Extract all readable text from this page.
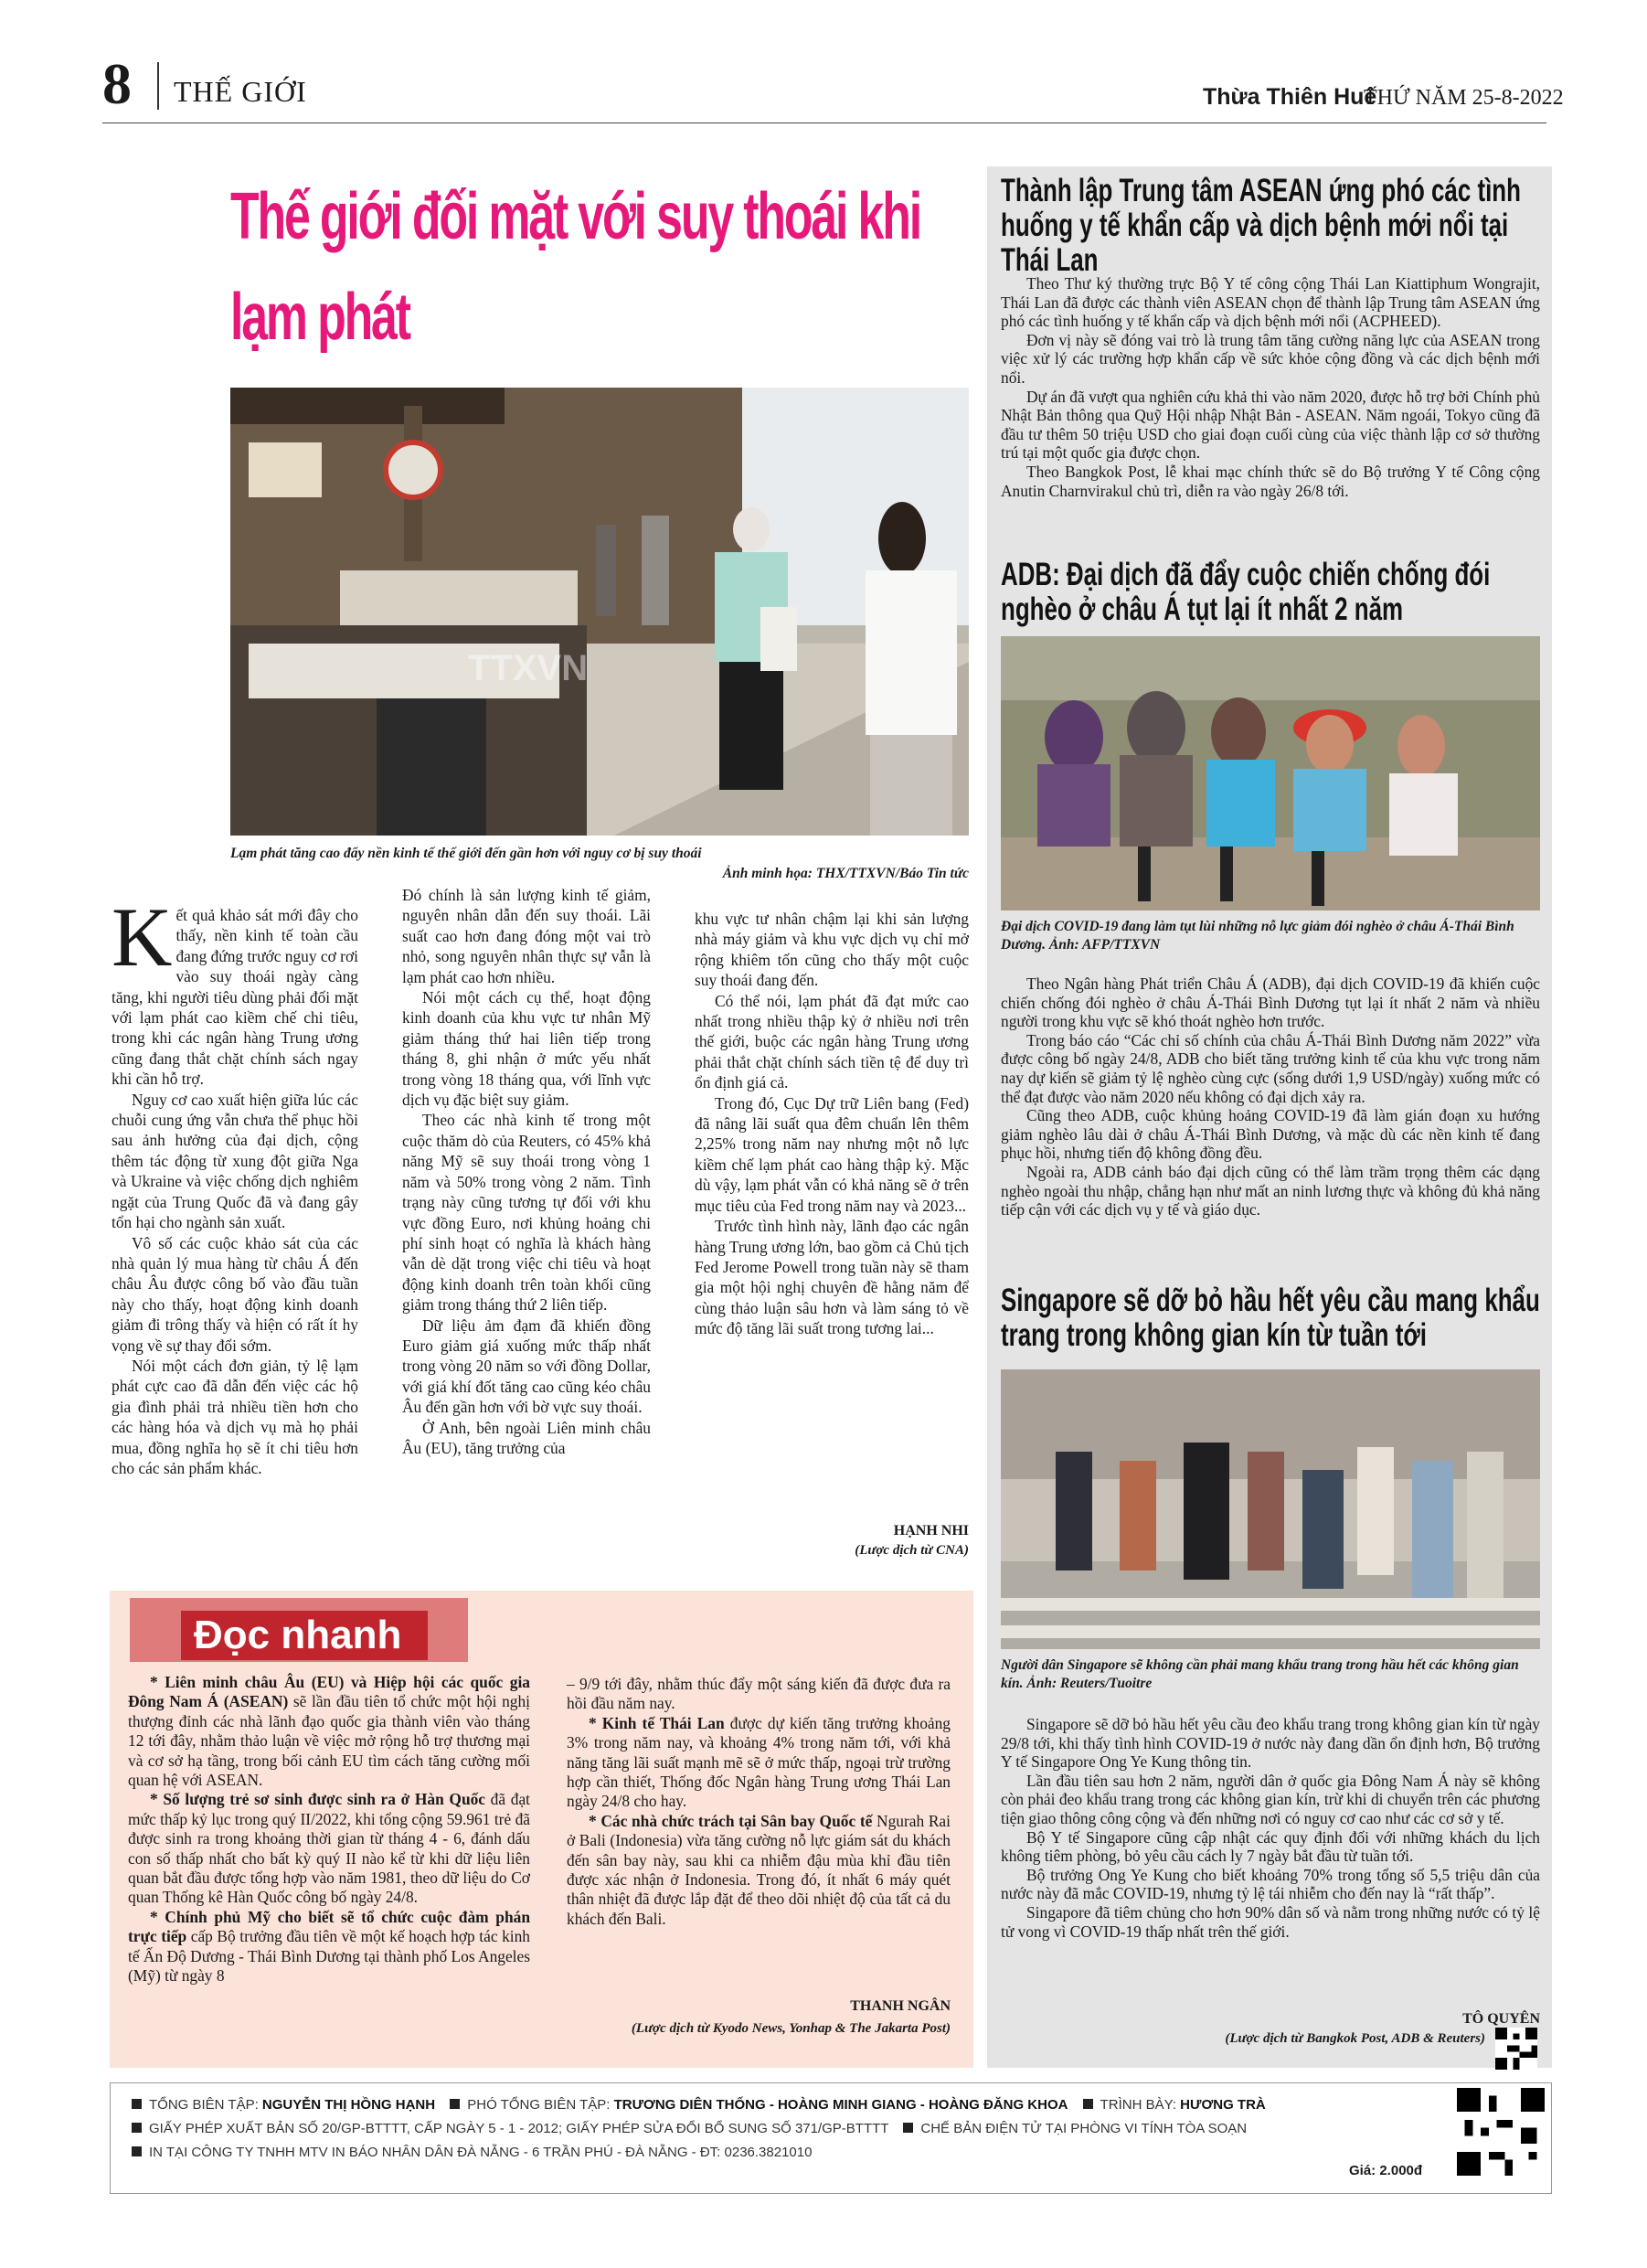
8 THẾ GIỚI	Thừa Thiên Huế
THỨ NĂM 25-8-2022
Thế giới đối mặt với suy thoái khi lạm phát
TTXVN
Lạm phát tăng cao đẩy nền kinh tế thế giới đến gần hơn với nguy cơ bị suy thoái
Ảnh minh họa: THX/TTXVN/Báo Tin tức

Kết quả khảo sát mới đây cho thấy, nền kinh tế toàn cầu đang đứng trước nguy cơ rơi vào suy thoái ngày càng tăng, khi người tiêu dùng phải đối mặt với lạm phát cao kiềm chế chi tiêu, trong khi các ngân hàng Trung ương cũng đang thắt chặt chính sách ngay khi cần hỗ trợ.

Nguy cơ cao xuất hiện giữa lúc các chuỗi cung ứng vẫn chưa thể phục hồi sau ảnh hưởng của đại dịch, cộng thêm tác động từ xung đột giữa Nga và Ukraine và việc chống dịch nghiêm ngặt của Trung Quốc đã và đang gây tổn hại cho ngành sản xuất.

Vô số các cuộc khảo sát của các nhà quản lý mua hàng từ châu Á đến châu Âu được công bố vào đầu tuần này cho thấy, hoạt động kinh doanh giảm đi trông thấy và hiện có rất ít hy vọng về sự thay đổi sớm.

Nói một cách đơn giản, tỷ lệ lạm phát cực cao đã dẫn đến việc các hộ gia đình phải trả nhiều tiền hơn cho các hàng hóa và dịch vụ mà họ phải mua, đồng nghĩa họ sẽ ít chi tiêu hơn cho các sản phẩm khác.

Đó chính là sản lượng kinh tế giảm, nguyên nhân dẫn đến suy thoái. Lãi suất cao hơn đang đóng một vai trò nhỏ, song nguyên nhân thực sự vẫn là lạm phát cao hơn nhiều.

Nói một cách cụ thể, hoạt động kinh doanh của khu vực tư nhân Mỹ giảm tháng thứ hai liên tiếp trong tháng 8, ghi nhận ở mức yếu nhất trong vòng 18 tháng qua, với lĩnh vực dịch vụ đặc biệt suy giảm.

Theo các nhà kinh tế trong một cuộc thăm dò của Reuters, có 45% khả năng Mỹ sẽ suy thoái trong vòng 1 năm và 50% trong vòng 2 năm. Tình trạng này cũng tương tự đối với khu vực đồng Euro, nơi khủng hoảng chi phí sinh hoạt có nghĩa là khách hàng vẫn dè dặt trong việc chi tiêu và hoạt động kinh doanh trên toàn khối cũng giảm trong tháng thứ 2 liên tiếp.

Dữ liệu ảm đạm đã khiến đồng Euro giảm giá xuống mức thấp nhất trong vòng 20 năm so với đồng Dollar, với giá khí đốt tăng cao cũng kéo châu Âu đến gần hơn với bờ vực suy thoái.

Ở Anh, bên ngoài Liên minh châu Âu (EU), tăng trưởng của

khu vực tư nhân chậm lại khi sản lượng nhà máy giảm và khu vực dịch vụ chỉ mở rộng khiêm tốn cũng cho thấy một cuộc suy thoái đang đến.

Có thể nói, lạm phát đã đạt mức cao nhất trong nhiều thập kỷ ở nhiều nơi trên thế giới, buộc các ngân hàng Trung ương phải thắt chặt chính sách tiền tệ để duy trì ổn định giá cả.

Trong đó, Cục Dự trữ Liên bang (Fed) đã nâng lãi suất qua đêm chuẩn lên thêm 2,25% trong năm nay nhưng một nỗ lực kiềm chế lạm phát cao hàng thập kỷ. Mặc dù vậy, lạm phát vẫn có khả năng sẽ ở trên mục tiêu của Fed trong năm nay và 2023...

Trước tình hình này, lãnh đạo các ngân hàng Trung ương lớn, bao gồm cả Chủ tịch Fed Jerome Powell trong tuần này sẽ tham gia một hội nghị chuyên đề hằng năm để cùng thảo luận sâu hơn và làm sáng tỏ về mức độ tăng lãi suất trong tương lai...

HẠNH NHI
(Lược dịch từ CNA)
Thành lập Trung tâm ASEAN ứng phó các tình huống y tế khẩn cấp và dịch bệnh mới nổi tại Thái Lan

Theo Thư ký thường trực Bộ Y tế công cộng Thái Lan Kiattiphum Wongrajit, Thái Lan đã được các thành viên ASEAN chọn để thành lập Trung tâm ASEAN ứng phó các tình huống y tế khẩn cấp và dịch bệnh mới nổi (ACPHEED).

Đơn vị này sẽ đóng vai trò là trung tâm tăng cường năng lực của ASEAN trong việc xử lý các trường hợp khẩn cấp về sức khỏe cộng đồng và các dịch bệnh mới nổi.

Dự án đã vượt qua nghiên cứu khả thi vào năm 2020, được hỗ trợ bởi Chính phủ Nhật Bản thông qua Quỹ Hội nhập Nhật Bản - ASEAN. Năm ngoái, Tokyo cũng đã đầu tư thêm 50 triệu USD cho giai đoạn cuối cùng của việc thành lập cơ sở thường trú tại một quốc gia được chọn.

Theo Bangkok Post, lễ khai mạc chính thức sẽ do Bộ trưởng Y tế Công cộng Anutin Charnvirakul chủ trì, diễn ra vào ngày 26/8 tới.

ADB: Đại dịch đã đẩy cuộc chiến chống đói nghèo ở châu Á tụt lại ít nhất 2 năm
Đại dịch COVID-19 đang làm tụt lùi những nỗ lực giảm đói nghèo ở châu Á-Thái Bình Dương. Ảnh: AFP/TTXVN

Theo Ngân hàng Phát triển Châu Á (ADB), đại dịch COVID-19 đã khiến cuộc chiến chống đói nghèo ở châu Á-Thái Bình Dương tụt lại ít nhất 2 năm và nhiều người trong khu vực sẽ khó thoát nghèo hơn trước.

Trong báo cáo “Các chỉ số chính của châu Á-Thái Bình Dương năm 2022” vừa được công bố ngày 24/8, ADB cho biết tăng trưởng kinh tế của khu vực trong năm nay dự kiến sẽ giảm tỷ lệ nghèo cùng cực (sống dưới 1,9 USD/ngày) xuống mức có thể đạt được vào năm 2020 nếu không có đại dịch xảy ra.

Cũng theo ADB, cuộc khủng hoảng COVID-19 đã làm gián đoạn xu hướng giảm nghèo lâu dài ở châu Á-Thái Bình Dương, và mặc dù các nền kinh tế đang phục hồi, nhưng tiến độ không đồng đều.

Ngoài ra, ADB cảnh báo đại dịch cũng có thể làm trầm trọng thêm các dạng nghèo ngoài thu nhập, chẳng hạn như mất an ninh lương thực và không đủ khả năng tiếp cận với các dịch vụ y tế và giáo dục.

Singapore sẽ dỡ bỏ hầu hết yêu cầu mang khẩu trang trong không gian kín từ tuần tới
Người dân Singapore sẽ không cần phải mang khẩu trang trong hầu hết các không gian kín. Ảnh: Reuters/Tuoitre

Singapore sẽ dỡ bỏ hầu hết yêu cầu đeo khẩu trang trong không gian kín từ ngày 29/8 tới, khi thấy tình hình COVID-19 ở nước này đang dần ổn định hơn, Bộ trưởng Y tế Singapore Ong Ye Kung thông tin.

Lần đầu tiên sau hơn 2 năm, người dân ở quốc gia Đông Nam Á này sẽ không còn phải đeo khẩu trang trong các không gian kín, trừ khi di chuyển trên các phương tiện giao thông công cộng và đến những nơi có nguy cơ cao như các cơ sở y tế.

Bộ Y tế Singapore cũng cập nhật các quy định đối với những khách du lịch không tiêm phòng, bỏ yêu cầu cách ly 7 ngày bắt đầu từ tuần tới.

Bộ trưởng Ong Ye Kung cho biết khoảng 70% trong tổng số 5,5 triệu dân của nước này đã mắc COVID-19, nhưng tỷ lệ tái nhiễm cho đến nay là “rất thấp”.

Singapore đã tiêm chủng cho hơn 90% dân số và nằm trong những nước có tỷ lệ tử vong vì COVID-19 thấp nhất trên thế giới.

TÔ QUYÊN
(Lược dịch từ Bangkok Post, ADB & Reuters)
Đọc nhanh

* Liên minh châu Âu (EU) và Hiệp hội các quốc gia Đông Nam Á (ASEAN) sẽ lần đầu tiên tổ chức một hội nghị thượng đỉnh các nhà lãnh đạo quốc gia thành viên vào tháng 12 tới đây, nhằm thảo luận về việc mở rộng hỗ trợ thương mại và cơ sở hạ tầng, trong bối cảnh EU tìm cách tăng cường mối quan hệ với ASEAN.

* Số lượng trẻ sơ sinh được sinh ra ở Hàn Quốc đã đạt mức thấp kỷ lục trong quý II/2022, khi tổng cộng 59.961 trẻ đã được sinh ra trong khoảng thời gian từ tháng 4 - 6, đánh dấu con số thấp nhất cho bất kỳ quý II nào kể từ khi dữ liệu liên quan bắt đầu được tổng hợp vào năm 1981, theo dữ liệu do Cơ quan Thống kê Hàn Quốc công bố ngày 24/8.

* Chính phủ Mỹ cho biết sẽ tổ chức cuộc đàm phán trực tiếp cấp Bộ trưởng đầu tiên về một kế hoạch hợp tác kinh tế Ấn Độ Dương - Thái Bình Dương tại thành phố Los Angeles (Mỹ) từ ngày 8

– 9/9 tới đây, nhằm thúc đẩy một sáng kiến đã được đưa ra hồi đầu năm nay.

* Kinh tế Thái Lan được dự kiến tăng trưởng khoảng 3% trong năm nay, và khoảng 4% trong năm tới, với khả năng tăng lãi suất mạnh mẽ sẽ ở mức thấp, ngoại trừ trường hợp cần thiết, Thống đốc Ngân hàng Trung ương Thái Lan ngày 24/8 cho hay.

* Các nhà chức trách tại Sân bay Quốc tế Ngurah Rai ở Bali (Indonesia) vừa tăng cường nỗ lực giám sát du khách đến sân bay này, sau khi ca nhiễm đậu mùa khỉ đầu tiên được xác nhận ở Indonesia. Trong đó, ít nhất 6 máy quét thân nhiệt đã được lắp đặt để theo dõi nhiệt độ của tất cả du khách đến Bali.

THANH NGÂN
(Lược dịch từ Kyodo News, Yonhap & The Jakarta Post)
TỔNG BIÊN TẬP: NGUYỄN THỊ HỒNG HẠNH PHÓ TỔNG BIÊN TẬP: TRƯƠNG DIÊN THỐNG - HOÀNG MINH GIANG - HOÀNG ĐĂNG KHOA TRÌNH BÀY: HƯƠNG TRÀ
GIẤY PHÉP XUẤT BẢN SỐ 20/GP-BTTTT, CẤP NGÀY 5 - 1 - 2012; GIẤY PHÉP SỬA ĐỔI BỔ SUNG SỐ 371/GP-BTTTT CHẾ BẢN ĐIỆN TỬ TẠI PHÒNG VI TÍNH TÒA SOẠN
IN TẠI CÔNG TY TNHH MTV IN BÁO NHÂN DÂN ĐÀ NẴNG - 6 TRẦN PHÚ - ĐÀ NẴNG - ĐT: 0236.3821010
Giá: 2.000đ
